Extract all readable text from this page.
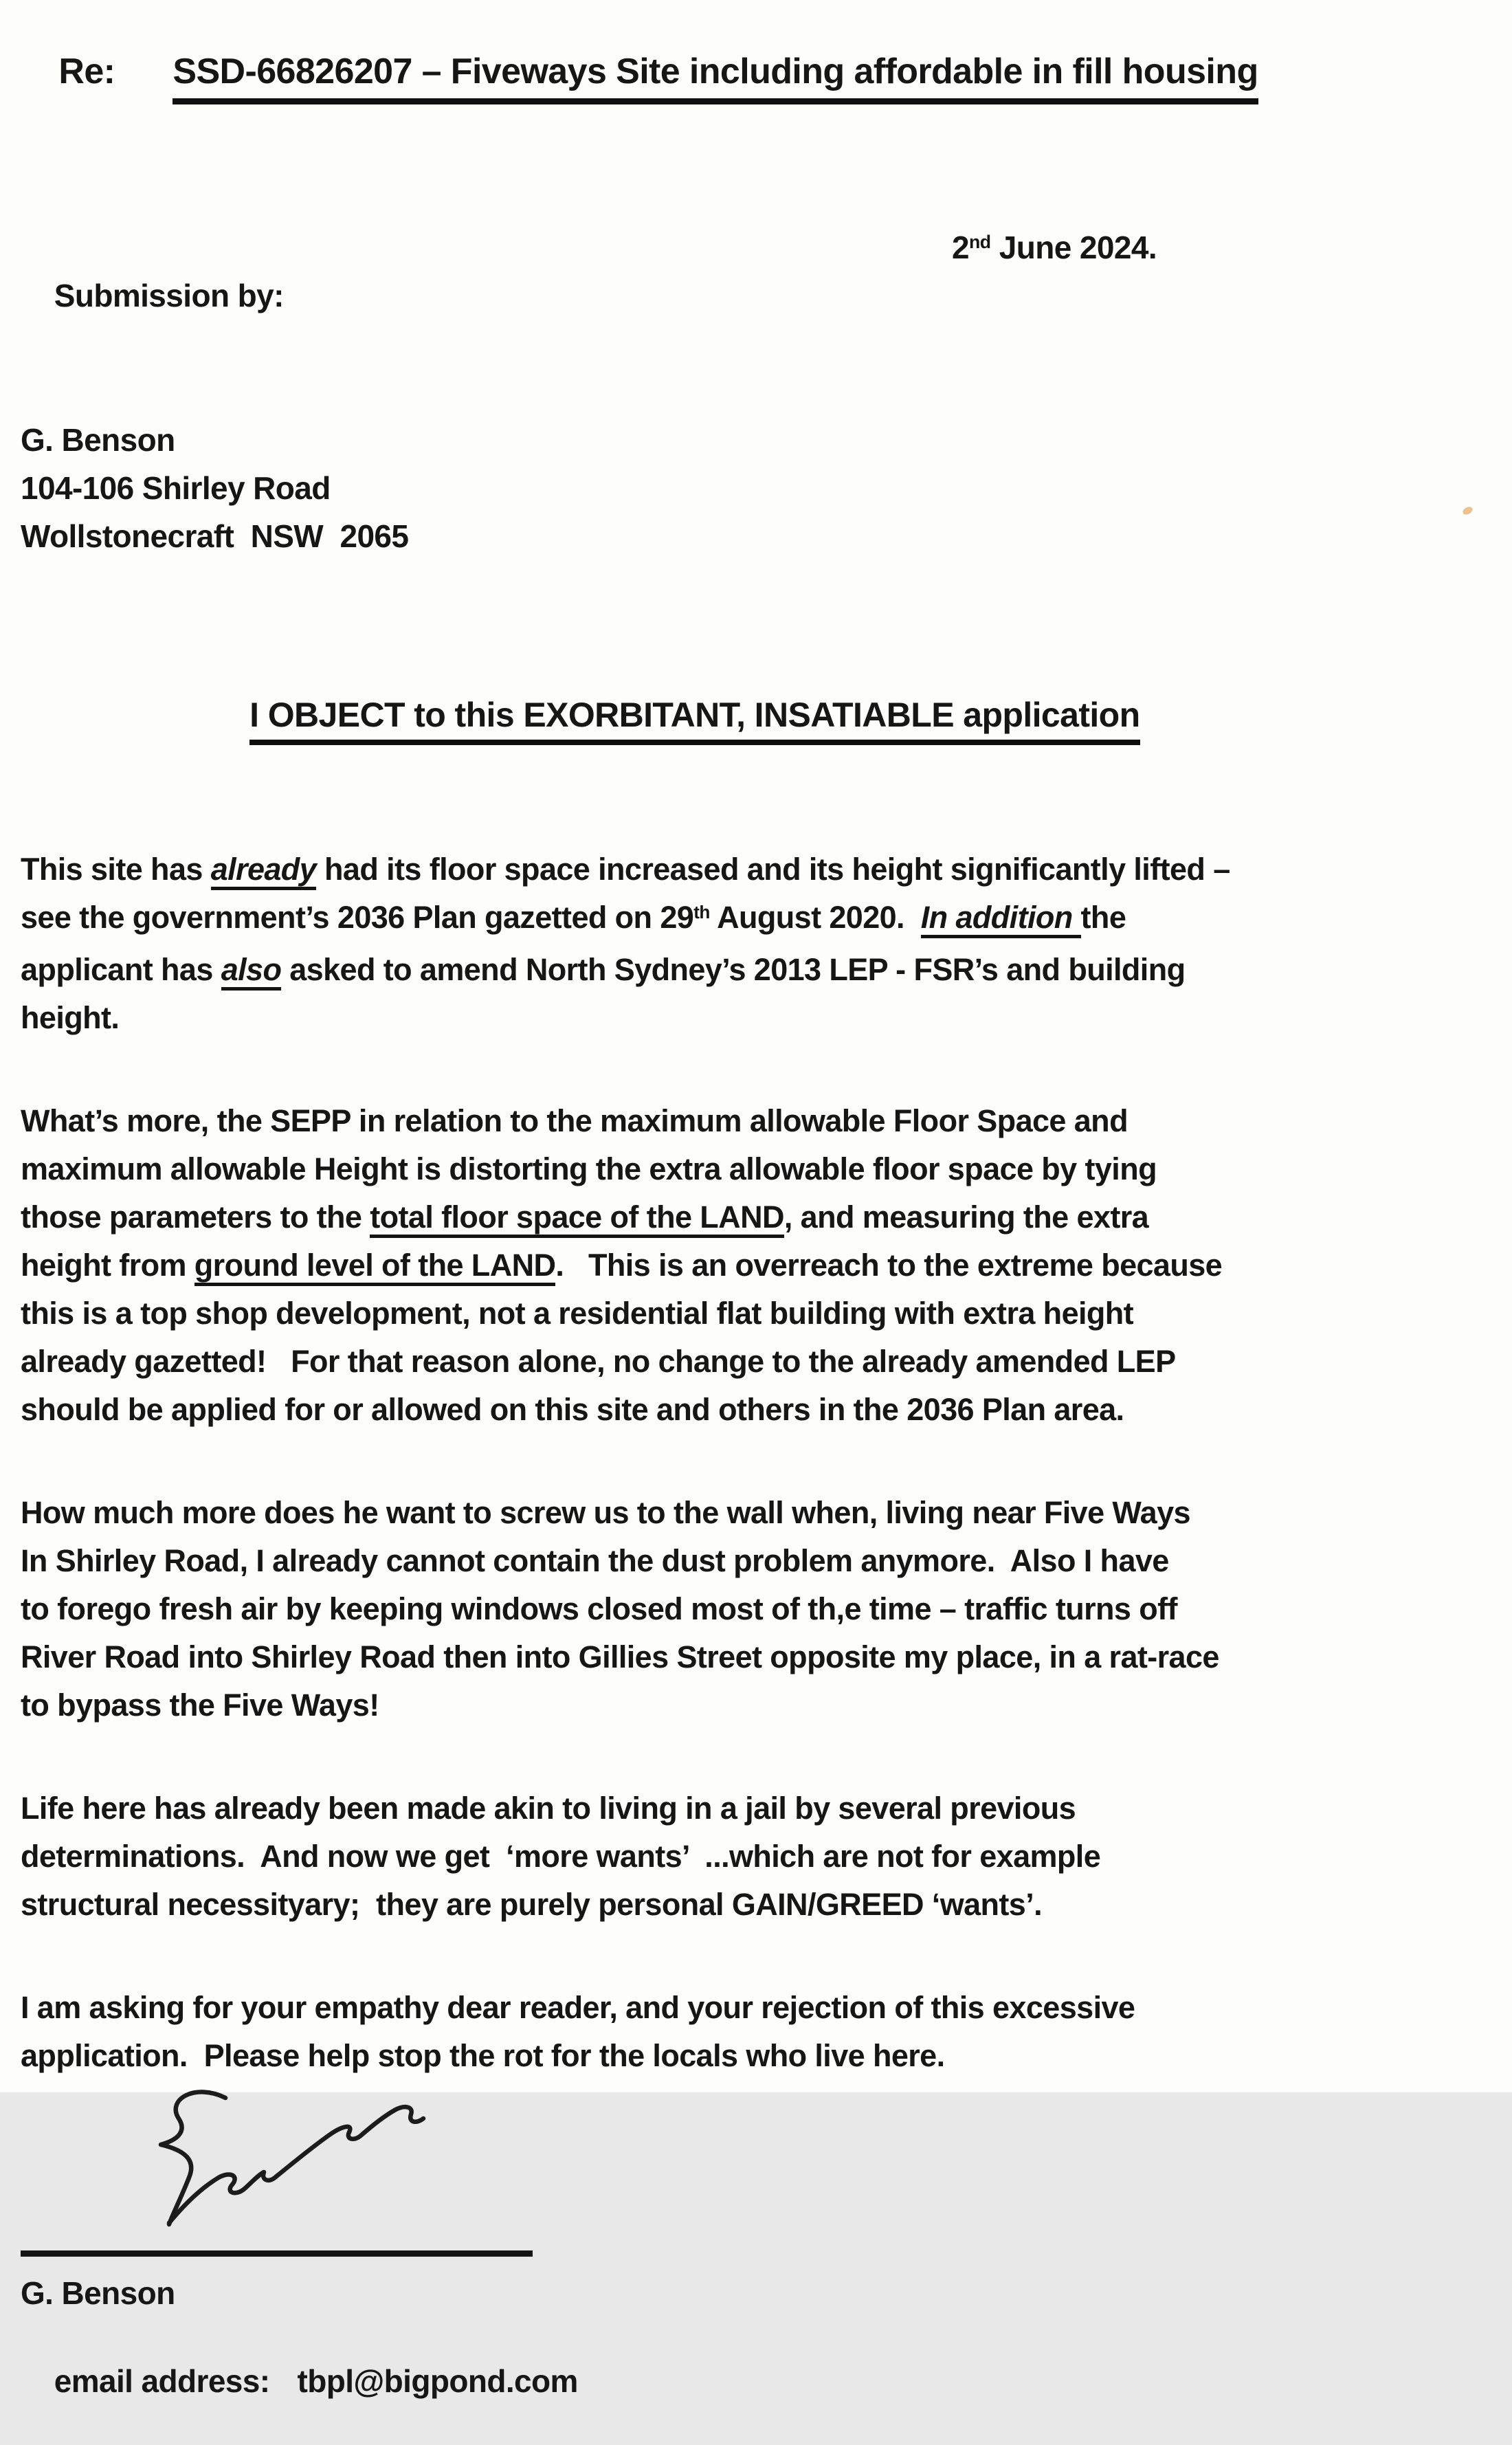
Re: SSD-66826207 – Fiveways Site including affordable in fill housing

Submission by:

2nd June 2024.

G. Benson
104-106 Shirley Road
Wollstonecraft  NSW  2065

I OBJECT to this EXORBITANT, INSATIABLE application

This site has already had its floor space increased and its height significantly lifted –
see the government’s 2036 Plan gazetted on 29th August 2020.  In addition the
applicant has also asked to amend North Sydney’s 2013 LEP - FSR’s and building
height.
What’s more, the SEPP in relation to the maximum allowable Floor Space and
maximum allowable Height is distorting the extra allowable floor space by tying
those parameters to the total floor space of the LAND, and measuring the extra
height from ground level of the LAND.   This is an overreach to the extreme because
this is a top shop development, not a residential flat building with extra height
already gazetted!   For that reason alone, no change to the already amended LEP
should be applied for or allowed on this site and others in the 2036 Plan area.
How much more does he want to screw us to the wall when, living near Five Ways
In Shirley Road, I already cannot contain the dust problem anymore.  Also I have
to forego fresh air by keeping windows closed most of th,e time – traffic turns off
River Road into Shirley Road then into Gillies Street opposite my place, in a rat-race
to bypass the Five Ways!
Life here has already been made akin to living in a jail by several previous
determinations.  And now we get  ‘more wants’  ...which are not for example
structural necessityary;  they are purely personal GAIN/GREED ‘wants’.
I am asking for your empathy dear reader, and your rejection of this excessive
application.  Please help stop the rot for the locals who live here.
G. Benson

email address: tbpl@bigpond.com
